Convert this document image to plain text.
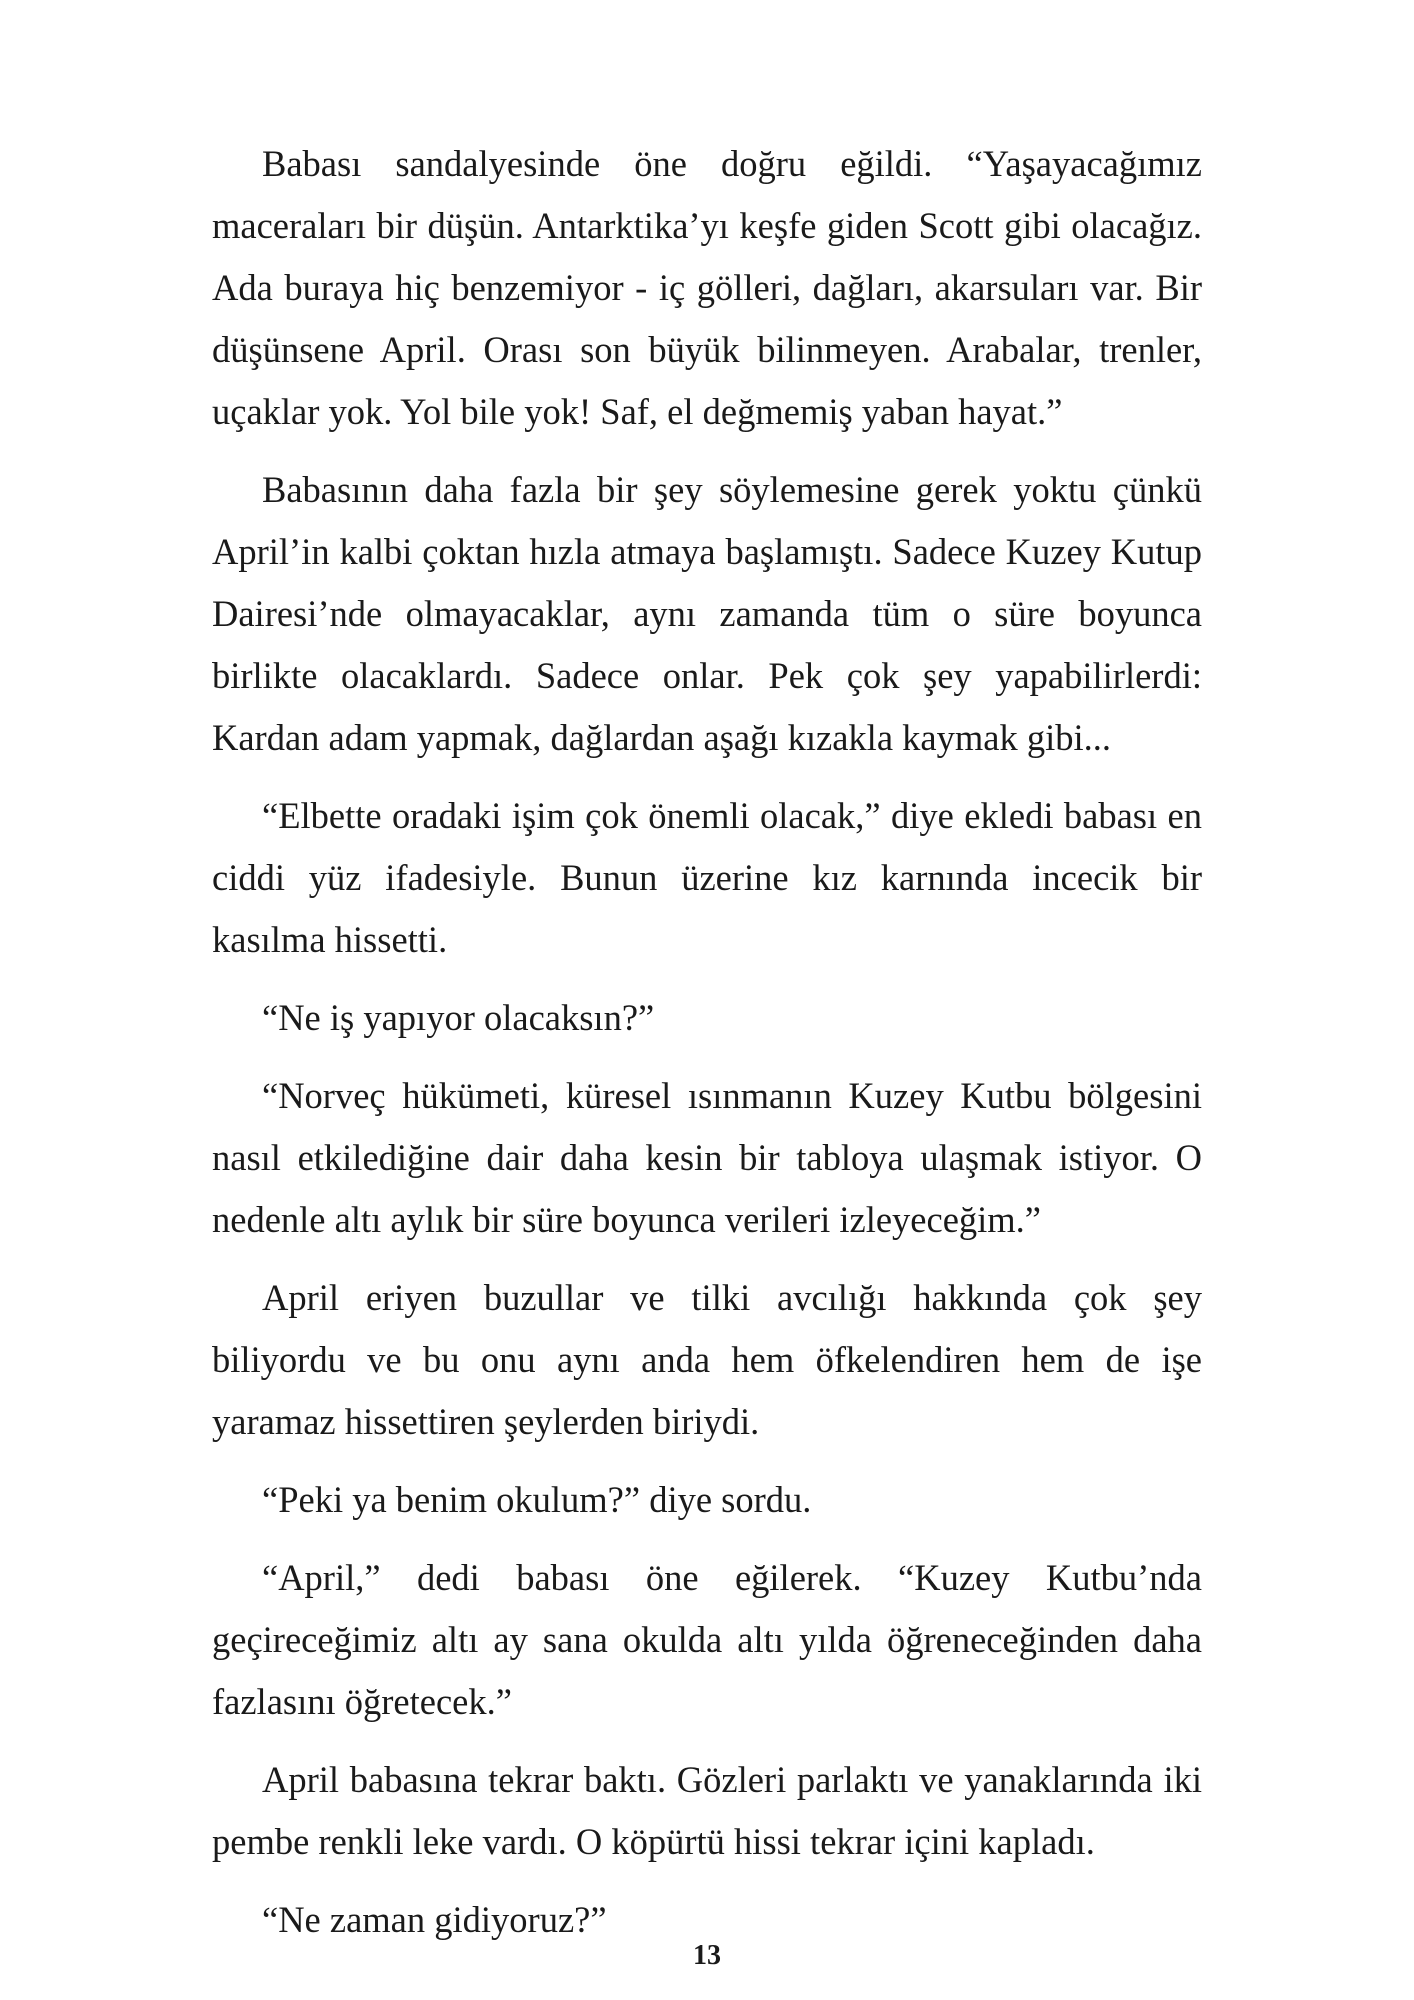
Babası sandalyesinde öne doğru eğildi. “Yaşayacağımız maceraları bir düşün. Antarktika’yı keşfe giden Scott gibi olacağız. Ada buraya hiç benzemiyor - iç gölleri, dağları, akarsuları var. Bir düşünsene April. Orası son büyük bilinmeyen. Arabalar, trenler, uçaklar yok. Yol bile yok! Saf, el değmemiş yaban hayat.”

Babasının daha fazla bir şey söylemesine gerek yoktu çünkü April’in kalbi çoktan hızla atmaya başlamıştı. Sadece Kuzey Kutup Dairesi’nde olmayacaklar, aynı zamanda tüm o süre boyunca birlikte olacaklardı. Sadece onlar. Pek çok şey yapabilirlerdi: Kardan adam yapmak, dağlardan aşağı kızakla kaymak gibi...

“Elbette oradaki işim çok önemli olacak,” diye ekledi babası en ciddi yüz ifadesiyle. Bunun üzerine kız karnında incecik bir kasılma hissetti.

“Ne iş yapıyor olacaksın?”

“Norveç hükümeti, küresel ısınmanın Kuzey Kutbu bölgesini nasıl etkilediğine dair daha kesin bir tabloya ulaşmak istiyor. O nedenle altı aylık bir süre boyunca verileri izleyeceğim.”

April eriyen buzullar ve tilki avcılığı hakkında çok şey biliyordu ve bu onu aynı anda hem öfkelendiren hem de işe yaramaz hissettiren şeylerden biriydi.

“Peki ya benim okulum?” diye sordu.

“April,” dedi babası öne eğilerek. “Kuzey Kutbu’nda geçireceğimiz altı ay sana okulda altı yılda öğreneceğinden daha fazlasını öğretecek.”

April babasına tekrar baktı. Gözleri parlaktı ve yanaklarında iki pembe renkli leke vardı. O köpürtü hissi tekrar içini kapladı.

“Ne zaman gidiyoruz?”

13
